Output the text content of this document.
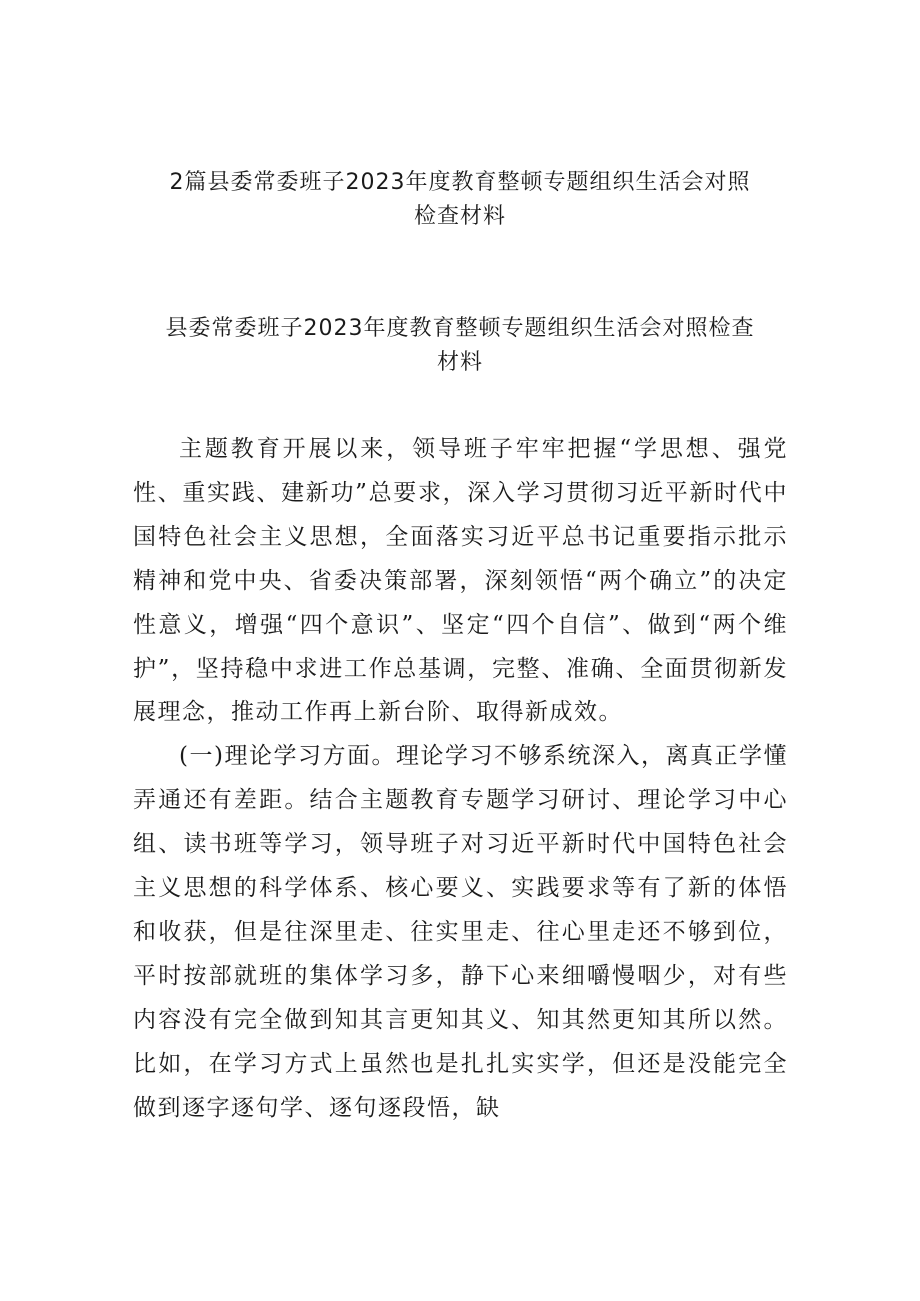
2篇县委常委班子2023年度教育整顿专题组织生活会对照
检查材料
县委常委班子2023年度教育整顿专题组织生活会对照检查
材料

主题教育开展以来，领导班子牢牢把握“学思想、强党性、重实践、建新功”总要求，深入学习贯彻习近平新时代中国特色社会主义思想，全面落实习近平总书记重要指示批示精神和党中央、省委决策部署，深刻领悟“两个确立”的决定性意义，增强“四个意识”、坚定“四个自信”、做到“两个维护”，坚持稳中求进工作总基调，完整、准确、全面贯彻新发展理念，推动工作再上新台阶、取得新成效。

(一)理论学习方面。理论学习不够系统深入，离真正学懂弄通还有差距。结合主题教育专题学习研讨、理论学习中心组、读书班等学习，领导班子对习近平新时代中国特色社会主义思想的科学体系、核心要义、实践要求等有了新的体悟和收获，但是往深里走、往实里走、往心里走还不够到位，平时按部就班的集体学习多，静下心来细嚼慢咽少，对有些内容没有完全做到知其言更知其义、知其然更知其所以然。比如，在学习方式上虽然也是扎扎实实学，但还是没能完全做到逐字逐句学、逐句逐段悟，缺
